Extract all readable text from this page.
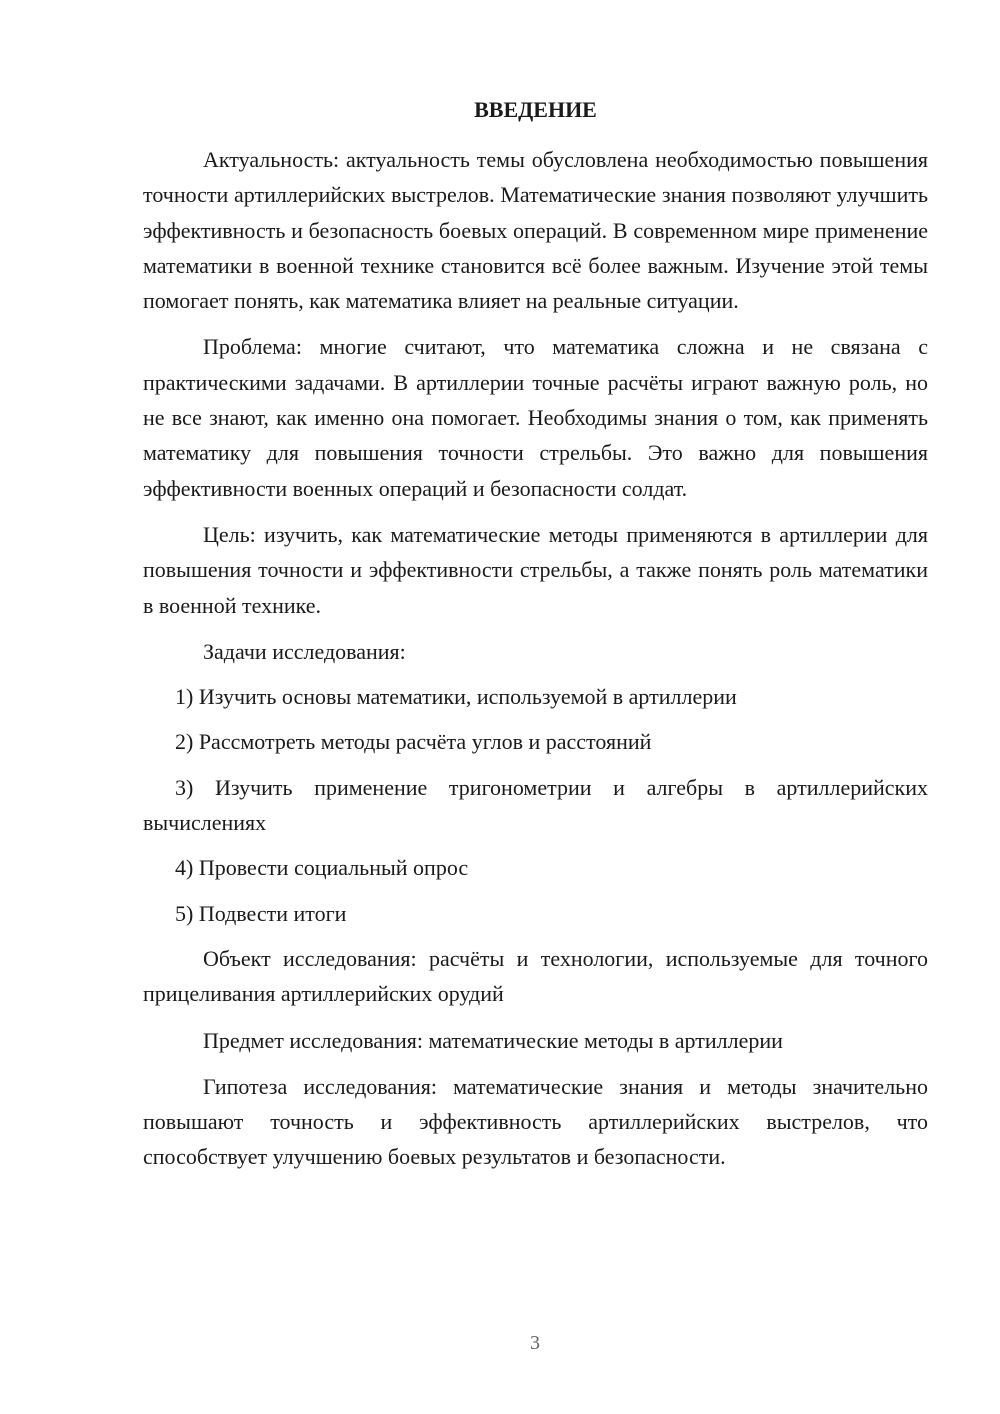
ВВЕДЕНИЕ

Актуальность: актуальность темы обусловлена необходимостью повышения точности артиллерийских выстрелов. Математические знания позволяют улучшить эффективность и безопасность боевых операций. В современном мире применение математики в военной технике становится всё более важным. Изучение этой темы помогает понять, как математика влияет на реальные ситуации.

Проблема: многие считают, что математика сложна и не связана с практическими задачами. В артиллерии точные расчёты играют важную роль, но не все знают, как именно она помогает. Необходимы знания о том, как применять математику для повышения точности стрельбы. Это важно для повышения эффективности военных операций и безопасности солдат.

Цель: изучить, как математические методы применяются в артиллерии для повышения точности и эффективности стрельбы, а также понять роль математики в военной технике.

Задачи исследования:

1) Изучить основы математики, используемой в артиллерии

2) Рассмотреть методы расчёта углов и расстояний

3) Изучить применение тригонометрии и алгебры в артиллерийских вычислениях

4) Провести социальный опрос

5) Подвести итоги

Объект исследования: расчёты и технологии, используемые для точного прицеливания артиллерийских орудий

Предмет исследования: математические методы в артиллерии

Гипотеза исследования: математические знания и методы значительно повышают точность и эффективность артиллерийских выстрелов, что способствует улучшению боевых результатов и безопасности.

3
